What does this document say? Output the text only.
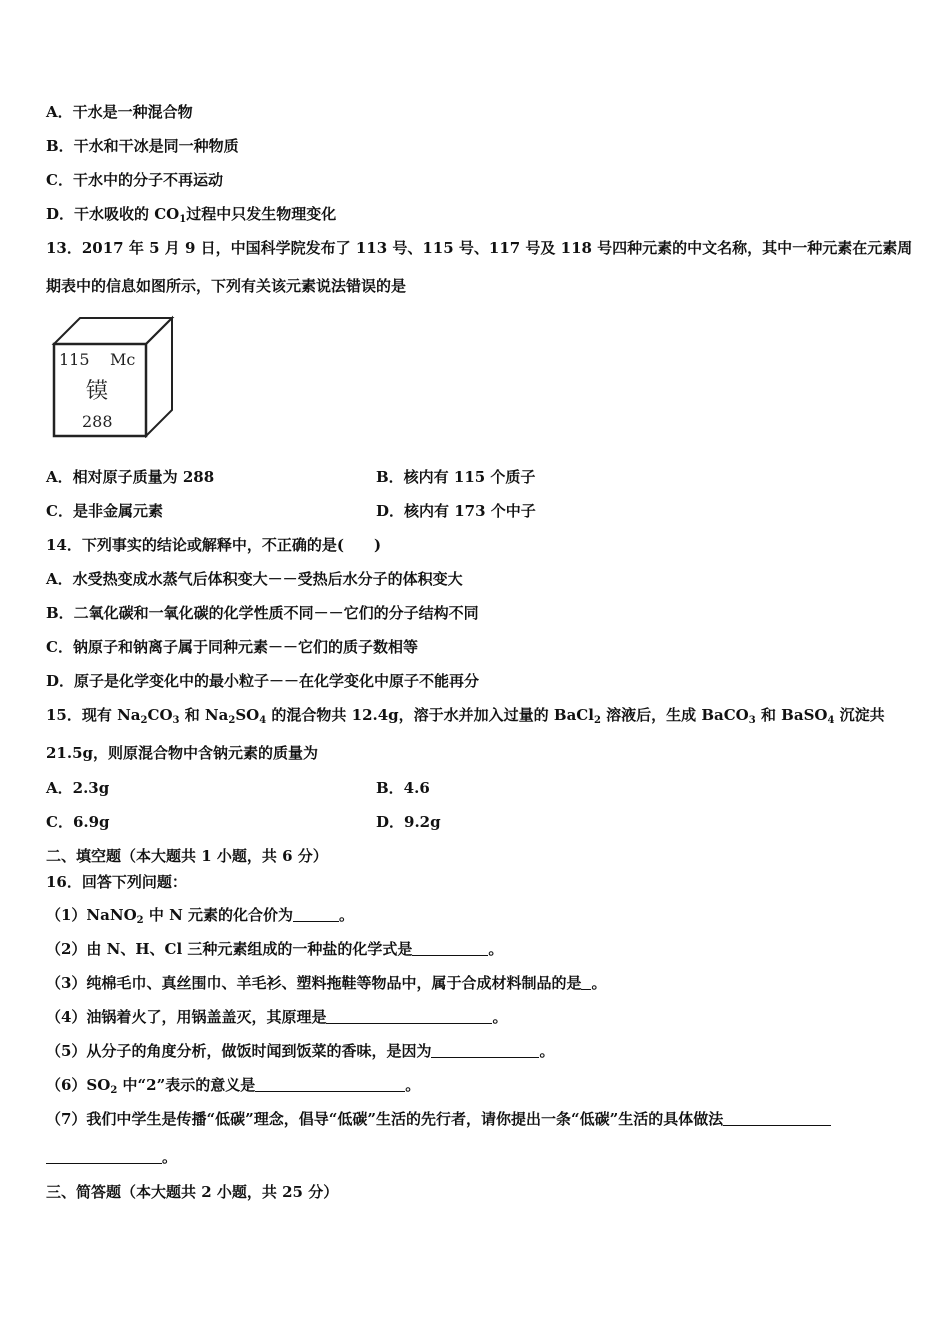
A．干水是一种混合物
B．干水和干冰是同一种物质
C．干水中的分子不再运动
D．干水吸收的 $CO_1$过程中只发生物理变化
13．2017 年 5 月 9 日，中国科学院发布了 113 号、115 号、117 号及 118 号四种元素的中文名称，其中一种元素在元素周
期表中的信息如图所示，下列有关该元素说法错误的是
115 Mc
镆
288
A．相对原子质量为 288	B．核内有 115 个质子
C．是非金属元素	D．核内有 173 个中子
14．下列事实的结论或解释中，不正确的是(　　)
A．水受热变成水蒸气后体积变大－－受热后水分子的体积变大
B．二氧化碳和一氧化碳的化学性质不同－－它们的分子结构不同
C．钠原子和钠离子属于同种元素－－它们的质子数相等
D．原子是化学变化中的最小粒子－－在化学变化中原子不能再分
15．现有 $Na_2CO_3$ 和 $Na_2SO_4$ 的混合物共 12.4g，溶于水并加入过量的 BaCl$_2$ 溶液后，生成 BaCO$_3$ 和 BaSO$_4$ 沉淀共
21.5g，则原混合物中含钠元素的质量为
A．2.3g	B．4.6
C．6.9g	D．9.2g
二、填空题（本大题共 1 小题，共 6 分）
16．回答下列问题：
（1）NaNO$_2$ 中 N 元素的化合价为	。
（2）由 N、H、Cl 三种元素组成的一种盐的化学式是	。
（3）纯棉毛巾、真丝围巾、羊毛衫、塑料拖鞋等物品中，属于合成材料制品的是 。
（4）油锅着火了，用锅盖盖灭，其原理是	。
（5）从分子的角度分析，做饭时闻到饭菜的香味，是因为	。
$(6)SO_2$ 中“2”表示的意义是	。
（7）我们中学生是传播“低碳”理念，倡导“低碳”生活的先行者，请你提出一条“低碳”生活的具体做法
。
三、简答题（本大题共 2 小题，共 25 分）
